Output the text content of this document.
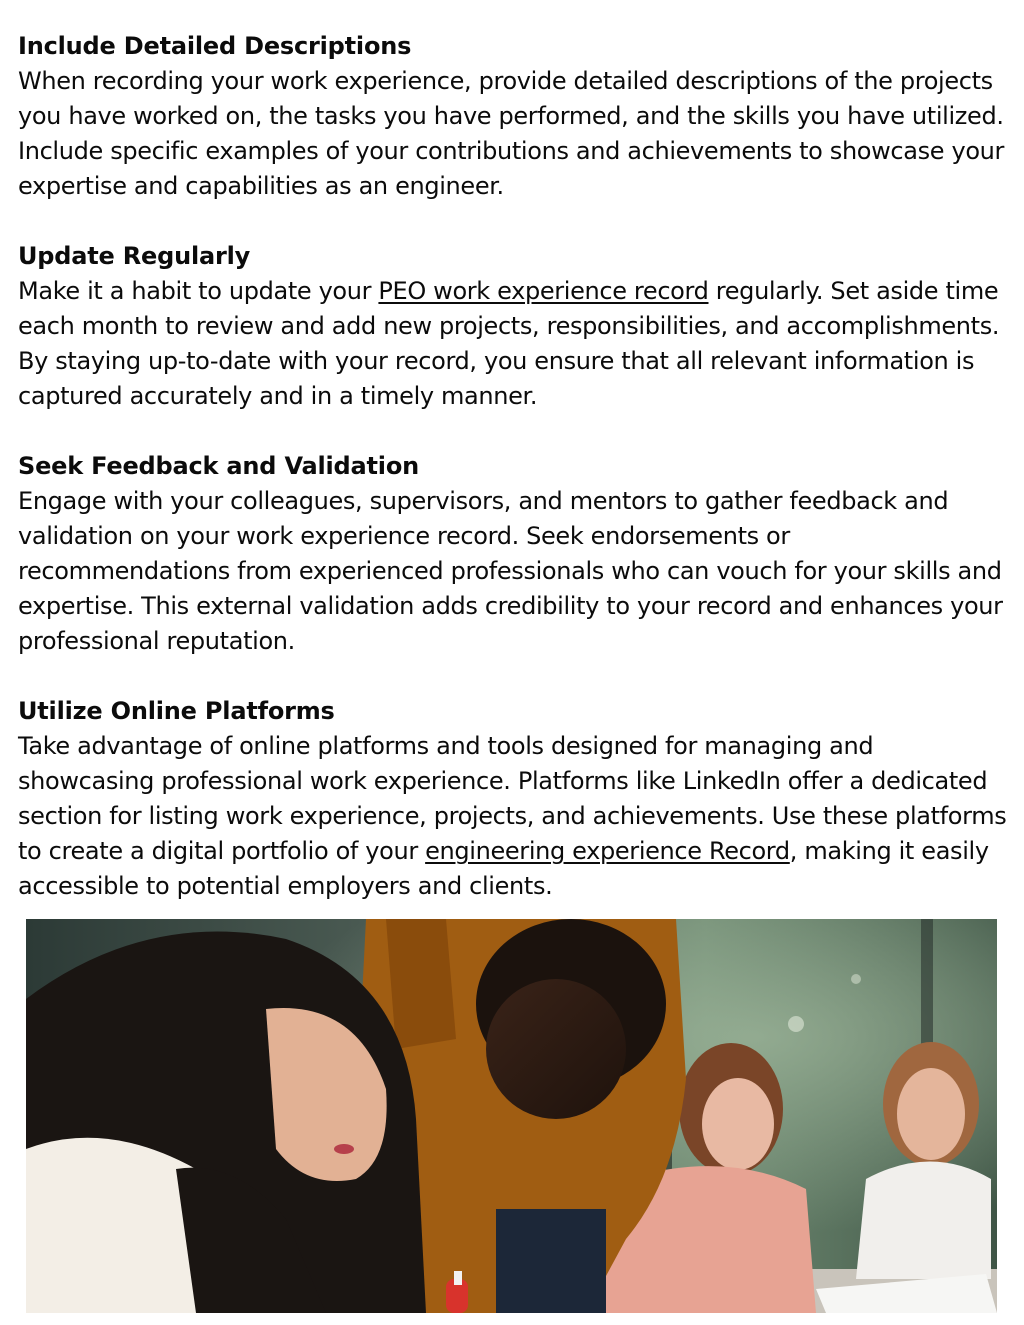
Include Detailed Descriptions

When recording your work experience, provide detailed descriptions of the projects you have worked on, the tasks you have performed, and the skills you have utilized. Include specific examples of your contributions and achievements to showcase your expertise and capabilities as an engineer.

Update Regularly

Make it a habit to update your PEO work experience record regularly. Set aside time each month to review and add new projects, responsibilities, and accomplishments. By staying up-to-date with your record, you ensure that all relevant information is captured accurately and in a timely manner.

Seek Feedback and Validation

Engage with your colleagues, supervisors, and mentors to gather feedback and validation on your work experience record. Seek endorsements or recommendations from experienced professionals who can vouch for your skills and expertise. This external validation adds credibility to your record and enhances your professional reputation.

Utilize Online Platforms

Take advantage of online platforms and tools designed for managing and showcasing professional work experience. Platforms like LinkedIn offer a dedicated section for listing work experience, projects, and achievements. Use these platforms to create a digital portfolio of your engineering experience Record, making it easily accessible to potential employers and clients.
